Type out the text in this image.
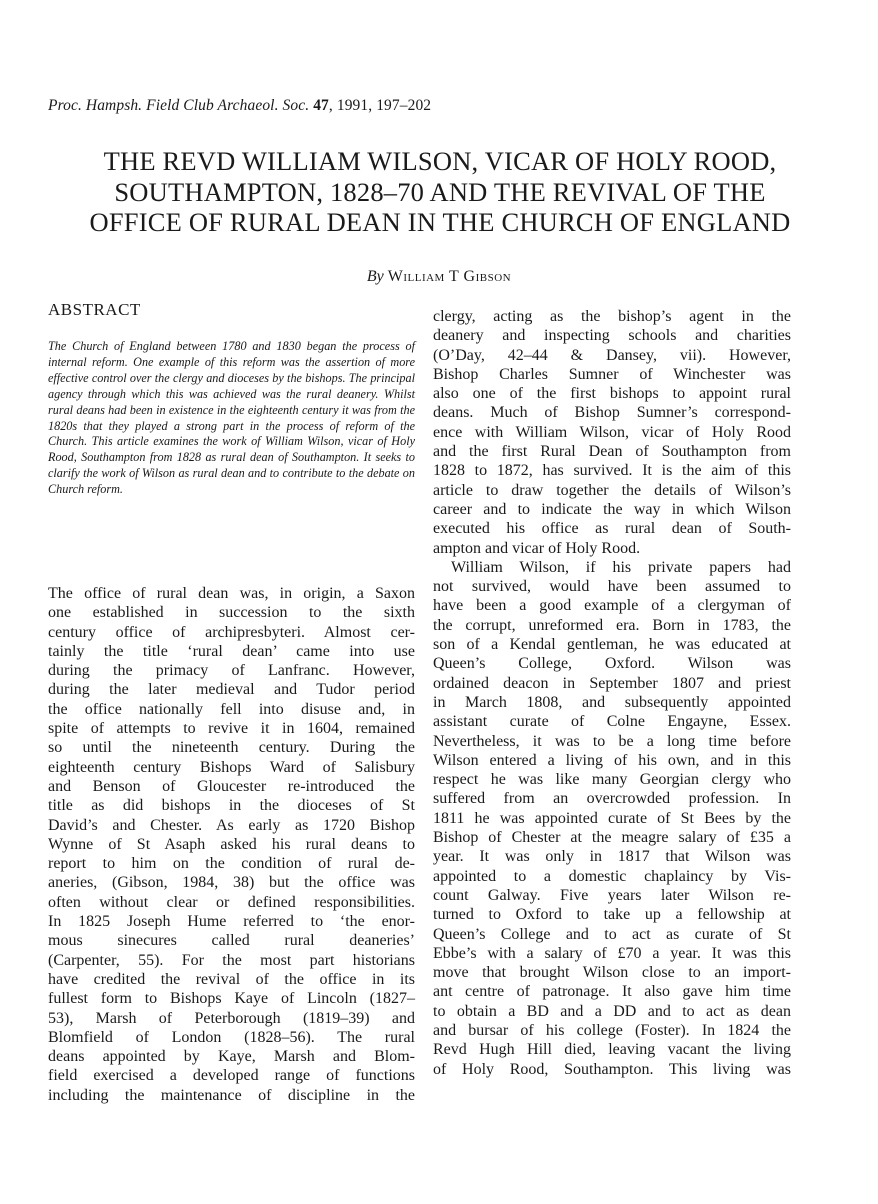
Proc. Hampsh. Field Club Archaeol. Soc. 47, 1991, 197–202
THE REVD WILLIAM WILSON, VICAR OF HOLY ROOD,
SOUTHAMPTON, 1828–70 AND THE REVIVAL OF THE
OFFICE OF RURAL DEAN IN THE CHURCH OF ENGLAND
By William T Gibson
ABSTRACT

The Church of England between 1780 and 1830 began the process of internal reform. One example of this reform was the assertion of more effective control over the clergy and dioceses by the bishops. The principal agency through which this was achieved was the rural deanery. Whilst rural deans had been in existence in the eighteenth century it was from the 1820s that they played a strong part in the process of reform of the Church. This article examines the work of William Wilson, vicar of Holy Rood, Southampton from 1828 as rural dean of Southampton. It seeks to clarify the work of Wilson as rural dean and to contribute to the debate on Church reform.

The office of rural dean was, in origin, a Saxon
one established in succession to the sixth
century office of archipresbyteri. Almost cer-
tainly the title ‘rural dean’ came into use
during the primacy of Lanfranc. However,
during the later medieval and Tudor period
the office nationally fell into disuse and, in
spite of attempts to revive it in 1604, remained
so until the nineteenth century. During the
eighteenth century Bishops Ward of Salisbury
and Benson of Gloucester re-introduced the
title as did bishops in the dioceses of St
David’s and Chester. As early as 1720 Bishop
Wynne of St Asaph asked his rural deans to
report to him on the condition of rural de-
aneries, (Gibson, 1984, 38) but the office was
often without clear or defined responsibilities.
In 1825 Joseph Hume referred to ‘the enor-
mous sinecures called rural deaneries’
(Carpenter, 55). For the most part historians
have credited the revival of the office in its
fullest form to Bishops Kaye of Lincoln (1827–
53), Marsh of Peterborough (1819–39) and
Blomfield of London (1828–56). The rural
deans appointed by Kaye, Marsh and Blom-
field exercised a developed range of functions
including the maintenance of discipline in the
clergy, acting as the bishop’s agent in the
deanery and inspecting schools and charities
(O’Day, 42–44 & Dansey, vii). However,
Bishop Charles Sumner of Winchester was
also one of the first bishops to appoint rural
deans. Much of Bishop Sumner’s correspond-
ence with William Wilson, vicar of Holy Rood
and the first Rural Dean of Southampton from
1828 to 1872, has survived. It is the aim of this
article to draw together the details of Wilson’s
career and to indicate the way in which Wilson
executed his office as rural dean of South-
ampton and vicar of Holy Rood.
William Wilson, if his private papers had
not survived, would have been assumed to
have been a good example of a clergyman of
the corrupt, unreformed era. Born in 1783, the
son of a Kendal gentleman, he was educated at
Queen’s College, Oxford. Wilson was
ordained deacon in September 1807 and priest
in March 1808, and subsequently appointed
assistant curate of Colne Engayne, Essex.
Nevertheless, it was to be a long time before
Wilson entered a living of his own, and in this
respect he was like many Georgian clergy who
suffered from an overcrowded profession. In
1811 he was appointed curate of St Bees by the
Bishop of Chester at the meagre salary of £35 a
year. It was only in 1817 that Wilson was
appointed to a domestic chaplaincy by Vis-
count Galway. Five years later Wilson re-
turned to Oxford to take up a fellowship at
Queen’s College and to act as curate of St
Ebbe’s with a salary of £70 a year. It was this
move that brought Wilson close to an import-
ant centre of patronage. It also gave him time
to obtain a BD and a DD and to act as dean
and bursar of his college (Foster). In 1824 the
Revd Hugh Hill died, leaving vacant the living
of Holy Rood, Southampton. This living was
